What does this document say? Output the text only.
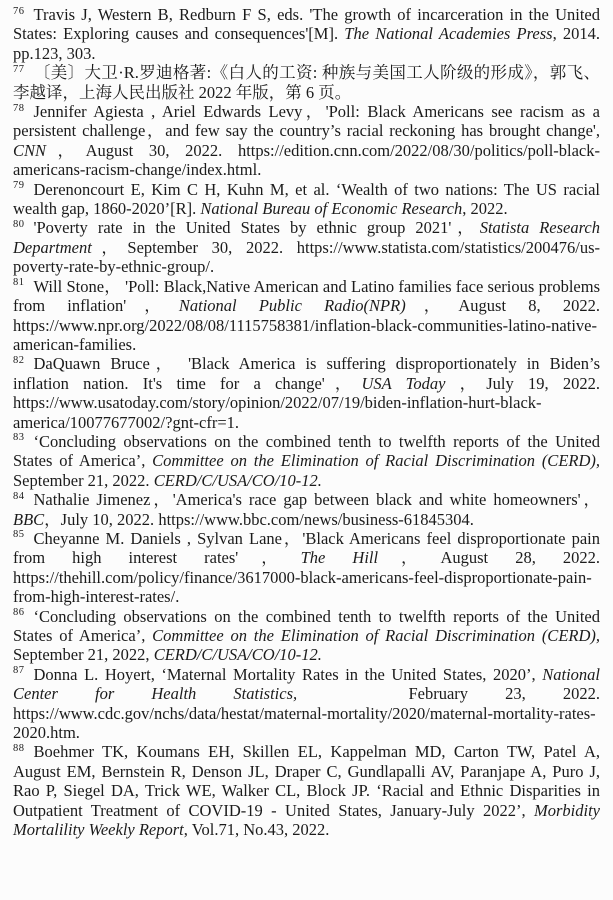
$^{76}$ Travis J, Western B, Redburn F S, eds. 'The growth of incarceration in the United States: Exploring causes and consequences'[M]. The National Academies Press, 2014. pp.123, 303.

$^{77}$ 〔美〕大卫·R.罗迪格著:《白人的工资: 种族与美国工人阶级的形成》，郭飞、李越译，上海人民出版社 2022 年版，第 6 页。

$^{78}$ Jennifer Agiesta , Ariel Edwards Levy，'Poll: Black Americans see racism as a persistent challenge，and few say the country’s racial reckoning has brought change', CNN，August 30, 2022. https://edition.cnn.com/2022/08/30/politics/poll-black-americans-racism-change/index.html.

$^{79}$ Derenoncourt E, Kim C H, Kuhn M, et al. ‘Wealth of two nations: The US racial wealth gap, 1860-2020’[R]. National Bureau of Economic Research, 2022.

$^{80}$ 'Poverty rate in the United States by ethnic group 2021'，Statista Research Department，September 30, 2022. https://www.statista.com/statistics/200476/us-poverty-rate-by-ethnic-group/.

$^{81}$ Will Stone， 'Poll: Black,Native American and Latino families face serious problems from inflation'，National Public Radio(NPR)，August 8, 2022. https://www.npr.org/2022/08/08/1115758381/inflation-black-communities-latino-native-american-families.

$^{82}$ DaQuawn Bruce， 'Black America is suffering disproportionately in Biden’s inflation nation. It's time for a change'，USA Today ，July 19, 2022. https://www.usatoday.com/story/opinion/2022/07/19/biden-inflation-hurt-black-america/10077677002/?gnt-cfr=1.

$^{83}$ ‘Concluding observations on the combined tenth to twelfth reports of the United States of America’, Committee on the Elimination of Racial Discrimination (CERD), September 21, 2022. CERD/C/USA/CO/10-12.

$^{84}$ Nathalie Jimenez，'America's race gap between black and white homeowners'，BBC，July 10, 2022. https://www.bbc.com/news/business-61845304.

$^{85}$ Cheyanne M. Daniels , Sylvan Lane，'Black Americans feel disproportionate pain from high interest rates'，The Hill，August 28, 2022. https://thehill.com/policy/finance/3617000-black-americans-feel-disproportionate-pain-from-high-interest-rates/.

$^{86}$ ‘Concluding observations on the combined tenth to twelfth reports of the United States of America’, Committee on the Elimination of Racial Discrimination (CERD), September 21, 2022, CERD/C/USA/CO/10-12.

$^{87}$ Donna L. Hoyert, ‘Maternal Mortality Rates in the United States, 2020’, National Center for Health Statistics,   February 23, 2022. https://www.cdc.gov/nchs/data/hestat/maternal-mortality/2020/maternal-mortality-rates-2020.htm.

$^{88}$ Boehmer TK, Koumans EH, Skillen EL, Kappelman MD, Carton TW, Patel A, August EM, Bernstein R, Denson JL, Draper C, Gundlapalli AV, Paranjape A, Puro J, Rao P, Siegel DA, Trick WE, Walker CL, Block JP. ‘Racial and Ethnic Disparities in Outpatient Treatment of COVID-19 - United States, January-July 2022’, Morbidity Mortalility Weekly Report, Vol.71, No.43, 2022.
